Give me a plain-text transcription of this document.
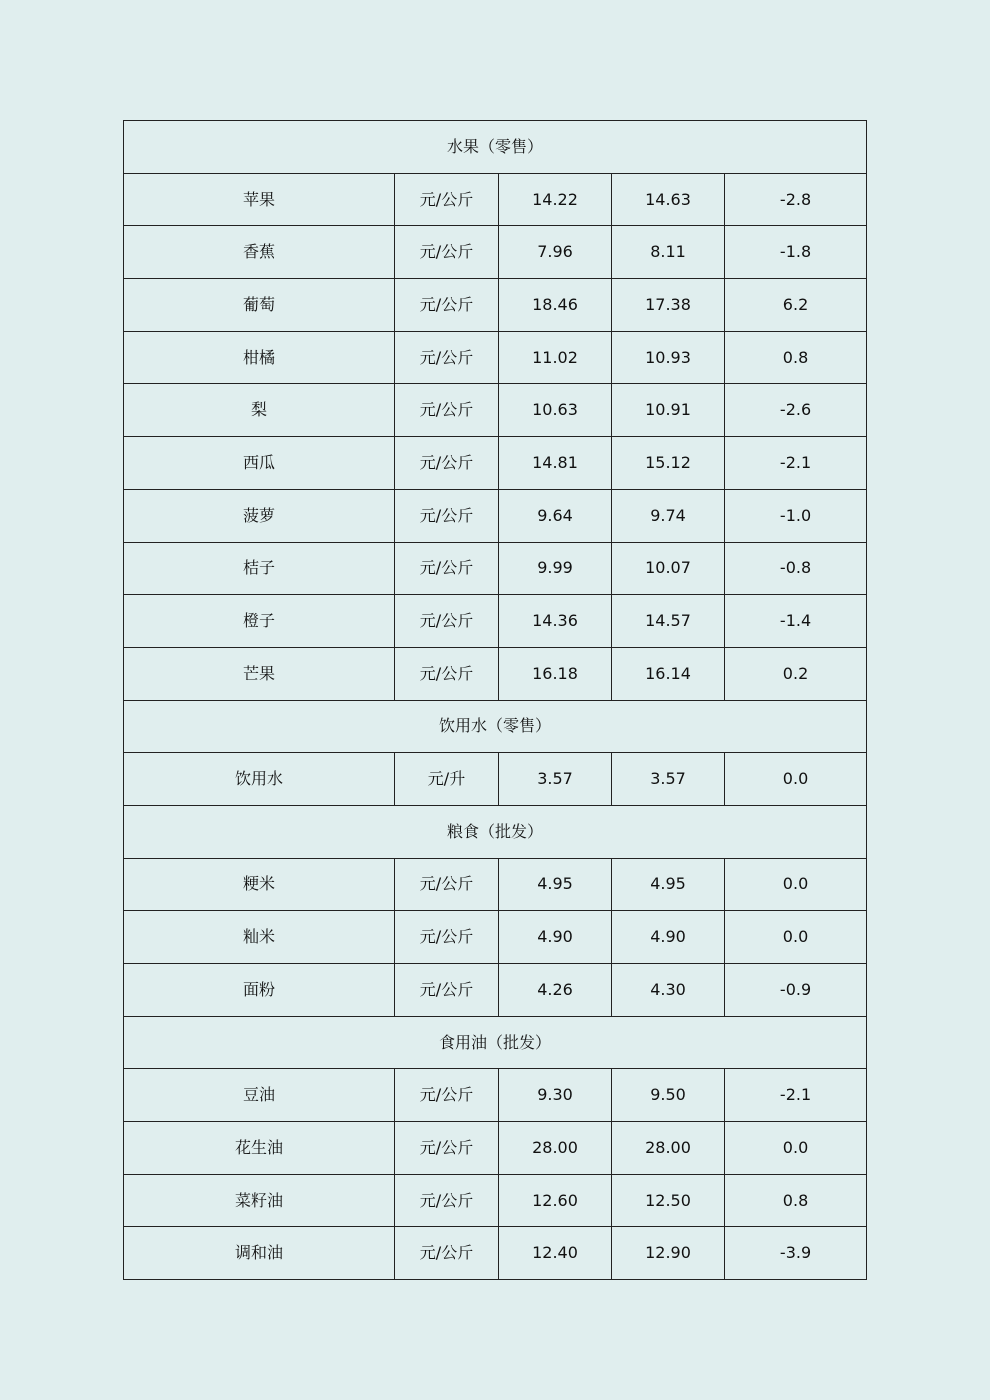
水果（零售）				
苹果	元/公斤	14.22	14.63	-2.8
香蕉	元/公斤	7.96	8.11	-1.8
葡萄	元/公斤	18.46	17.38	6.2
柑橘	元/公斤	11.02	10.93	0.8
梨	元/公斤	10.63	10.91	-2.6
西瓜	元/公斤	14.81	15.12	-2.1
菠萝	元/公斤	9.64	9.74	-1.0
桔子	元/公斤	9.99	10.07	-0.8
橙子	元/公斤	14.36	14.57	-1.4
芒果	元/公斤	16.18	16.14	0.2
饮用水（零售）				
饮用水	元/升	3.57	3.57	0.0
粮食（批发）				
粳米	元/公斤	4.95	4.95	0.0
籼米	元/公斤	4.90	4.90	0.0
面粉	元/公斤	4.26	4.30	-0.9
食用油（批发）				
豆油	元/公斤	9.30	9.50	-2.1
花生油	元/公斤	28.00	28.00	0.0
菜籽油	元/公斤	12.60	12.50	0.8
调和油	元/公斤	12.40	12.90	-3.9
